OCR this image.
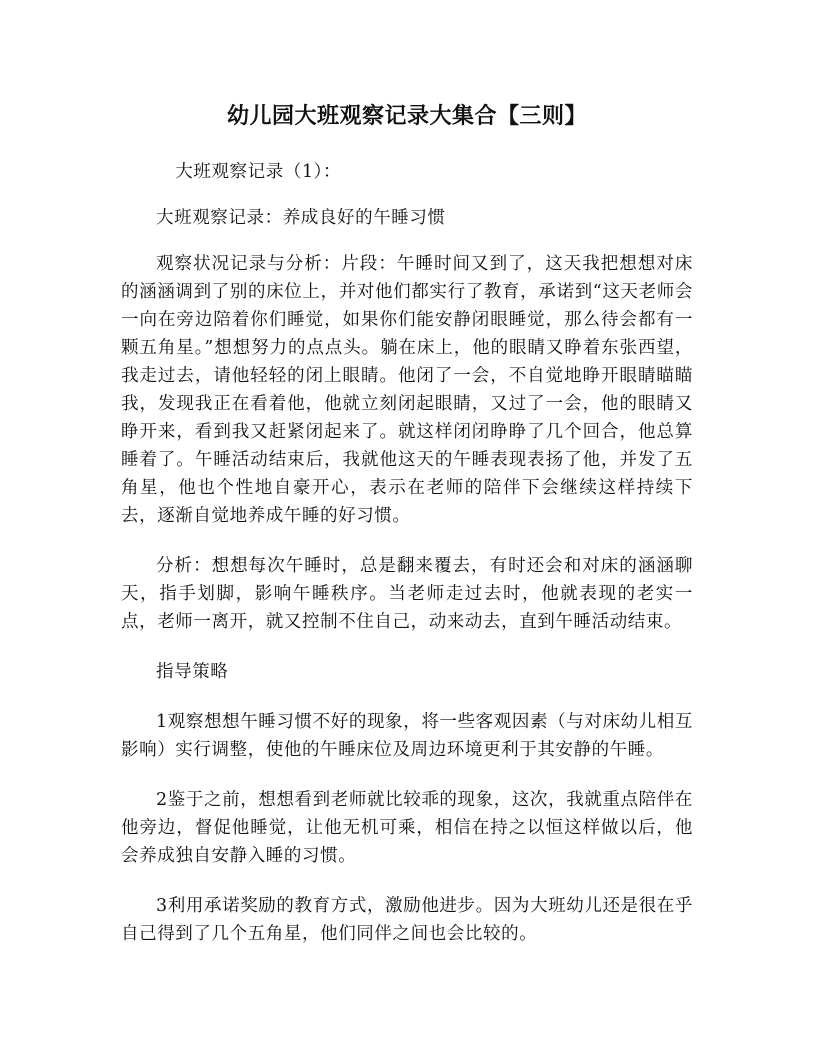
幼儿园大班观察记录大集合【三则】

大班观察记录（1）：

大班观察记录：养成良好的午睡习惯

观察状况记录与分析：片段：午睡时间又到了，这天我把想想对床的涵涵调到了别的床位上，并对他们都实行了教育，承诺到“这天老师会一向在旁边陪着你们睡觉，如果你们能安静闭眼睡觉，那么待会都有一颗五角星。”想想努力的点点头。躺在床上，他的眼睛又睁着东张西望，我走过去，请他轻轻的闭上眼睛。他闭了一会，不自觉地睁开眼睛瞄瞄我，发现我正在看着他，他就立刻闭起眼睛，又过了一会，他的眼睛又睁开来，看到我又赶紧闭起来了。就这样闭闭睁睁了几个回合，他总算睡着了。午睡活动结束后，我就他这天的午睡表现表扬了他，并发了五角星，他也个性地自豪开心，表示在老师的陪伴下会继续这样持续下去，逐渐自觉地养成午睡的好习惯。

分析：想想每次午睡时，总是翻来覆去，有时还会和对床的涵涵聊天，指手划脚，影响午睡秩序。当老师走过去时，他就表现的老实一点，老师一离开，就又控制不住自己，动来动去，直到午睡活动结束。

指导策略

1观察想想午睡习惯不好的现象，将一些客观因素（与对床幼儿相互影响）实行调整，使他的午睡床位及周边环境更利于其安静的午睡。

2鉴于之前，想想看到老师就比较乖的现象，这次，我就重点陪伴在他旁边，督促他睡觉，让他无机可乘，相信在持之以恒这样做以后，他会养成独自安静入睡的习惯。

3利用承诺奖励的教育方式，激励他进步。因为大班幼儿还是很在乎自己得到了几个五角星，他们同伴之间也会比较的。
